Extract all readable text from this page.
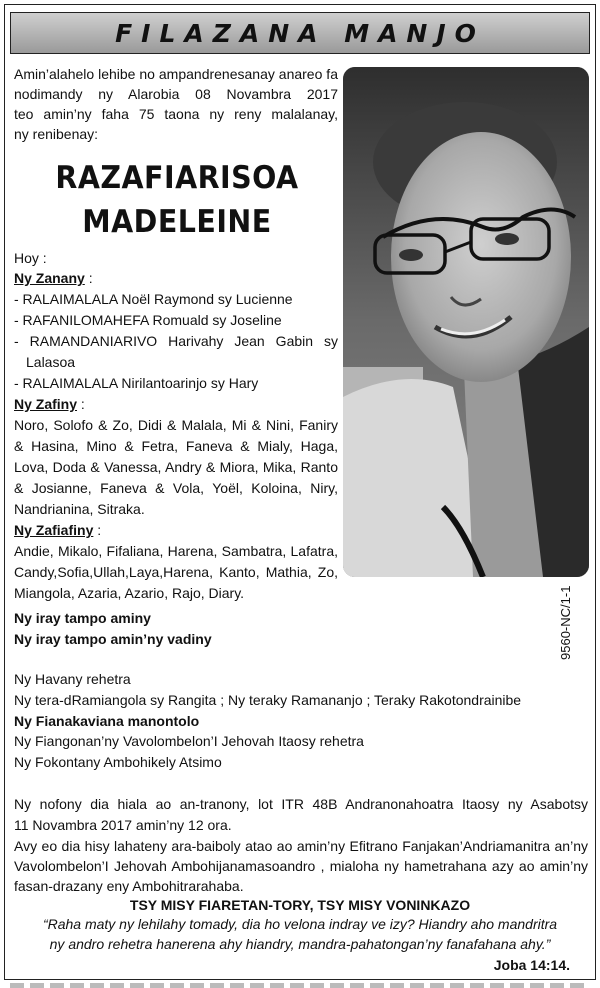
FILAZANA MANJO
Amin’alahelo lehibe no ampandrenesanay anareo fa
nodimandy ny Alarobia 08 Novambra 2017
teo amin’ny faha 75 taona ny reny malalanay,
ny renibenay:
RAZAFIARISOA
MADELEINE
Hoy :
Ny Zanany :
- RALAIMALALA Noël Raymond sy Lucienne
- RAFANILOMAHEFA Romuald sy Joseline
- RAMANDANIARIVO Harivahy Jean Gabin sy
Lalasoa
- RALAIMALALA Nirilantoarinjo sy Hary
Ny Zafiny :
Noro, Solofo & Zo, Didi & Malala, Mi & Nini, Faniry
& Hasina, Mino & Fetra, Faneva & Mialy, Haga,
Lova, Doda & Vanessa, Andry & Miora, Mika, Ranto
& Josianne, Faneva & Vola, Yoël, Koloina, Niry,
Nandrianina, Sitraka.
Ny Zafiafiny :
Andie, Mikalo, Fifaliana, Harena, Sambatra, Lafatra,
Candy,Sofia,Ullah,Laya,Harena, Kanto, Mathia, Zo,
Miangola, Azaria, Azario, Rajo, Diary.
Ny iray tampo aminy
Ny iray tampo amin’ny vadiny
Ny Havany rehetra
Ny tera-dRamiangola sy Rangita ; Ny teraky Ramananjo ; Teraky Rakotondrainibe
Ny Fianakaviana manontolo
Ny Fiangonan’ny Vavolombelon’I Jehovah Itaosy rehetra
Ny Fokontany Ambohikely Atsimo
9560-NC/1-1
Ny nofony dia hiala ao an-tranony, lot ITR 48B Andranonahoatra Itaosy ny Asabotsy
11 Novambra 2017 amin’ny 12 ora.
Avy eo dia hisy lahateny ara-baiboly atao ao amin’ny Efitrano Fanjakan’Andriamanitra an’ny
Vavolombelon’I Jehovah Ambohijanamasoandro , mialoha ny hametrahana azy ao amin’ny
fasan-drazany eny Ambohitrarahaba.
TSY MISY FIARETAN-TORY, TSY MISY VONINKAZO
“Raha maty ny lehilahy tomady, dia ho velona indray ve izy? Hiandry aho mandritra
ny andro rehetra hanerena ahy hiandry, mandra-pahatongan’ny fanafahana ahy.”
Joba 14:14.
